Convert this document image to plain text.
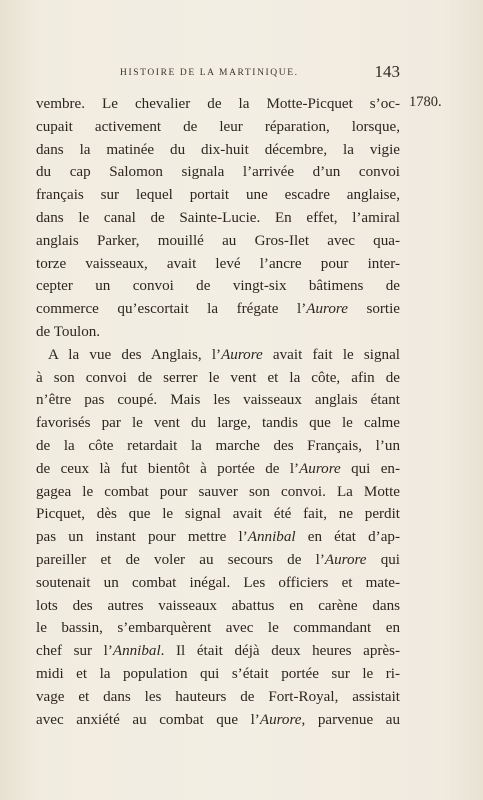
HISTOIRE DE LA MARTINIQUE.	143
1780.
vembre. Le chevalier de la Motte-Picquet s’oc-
cupait activement de leur réparation, lorsque,
dans la matinée du dix-huit décembre, la vigie
du cap Salomon signala l’arrivée d’un convoi
français sur lequel portait une escadre anglaise,
dans le canal de Sainte-Lucie. En effet, l’amiral
anglais Parker, mouillé au Gros-Ilet avec qua-
torze vaisseaux, avait levé l’ancre pour inter-
cepter un convoi de vingt-six bâtimens de
commerce qu’escortait la frégate l’Aurore sortie
de Toulon.
A la vue des Anglais, l’Aurore avait fait le signal
à son convoi de serrer le vent et la côte, afin de
n’être pas coupé. Mais les vaisseaux anglais étant
favorisés par le vent du large, tandis que le calme
de la côte retardait la marche des Français, l’un
de ceux là fut bientôt à portée de l’Aurore qui en-
gagea le combat pour sauver son convoi. La Motte
Picquet, dès que le signal avait été fait, ne perdit
pas un instant pour mettre l’Annibal en état d’ap-
pareiller et de voler au secours de l’Aurore qui
soutenait un combat inégal. Les officiers et mate-
lots des autres vaisseaux abattus en carène dans
le bassin, s’embarquèrent avec le commandant en
chef sur l’Annibal. Il était déjà deux heures après-
midi et la population qui s’était portée sur le ri-
vage et dans les hauteurs de Fort-Royal, assistait
avec anxiété au combat que l’Aurore, parvenue au
